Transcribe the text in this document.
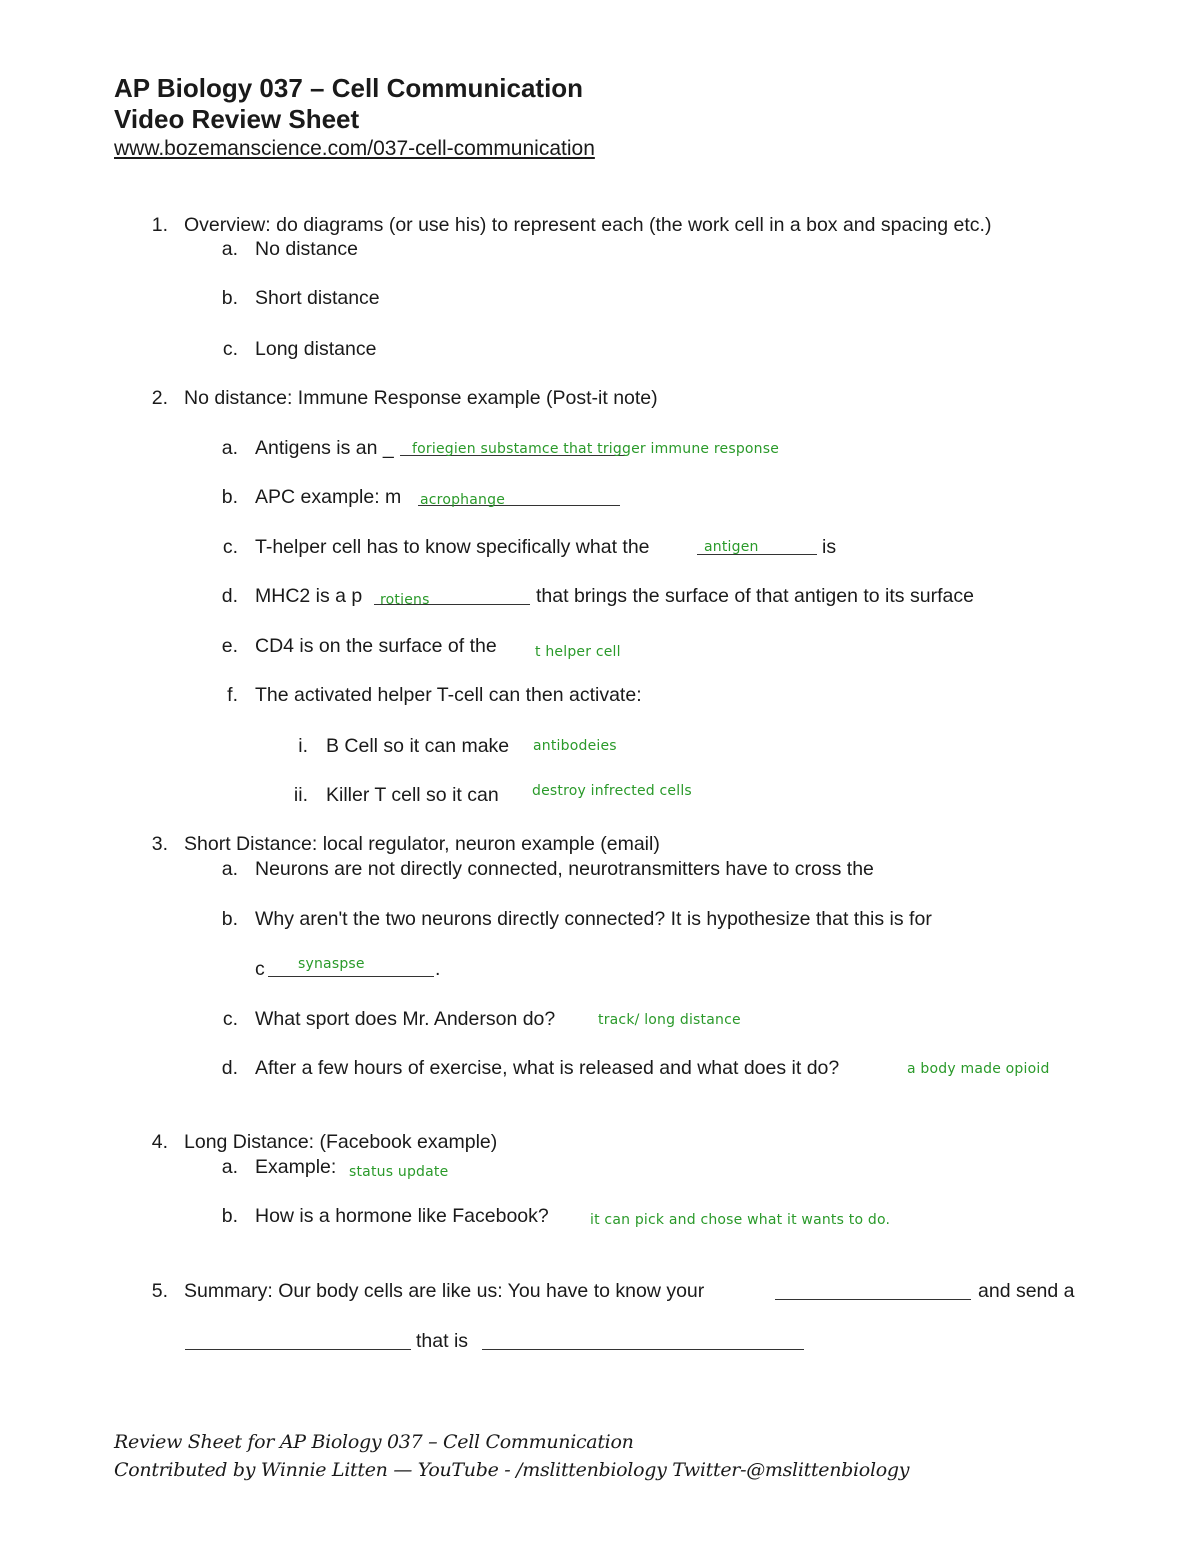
AP Biology 037 – Cell Communication
Video Review Sheet
www.bozemanscience.com/037-cell-communication
1. Overview: do diagrams (or use his) to represent each (the work cell in a box and spacing etc.)
a. No distance
b. Short distance
c. Long distance
2. No distance: Immune Response example (Post-it note)
a. Antigens is an _ foriegien substamce that trigger immune response
b. APC example: m acrophange
c. T-helper cell has to know specifically what the	antigen	is
d. MHC2 is a p rotiens	that brings the surface of that antigen to its surface
e. CD4 is on the surface of the	t helper cell
f. The activated helper T-cell can then activate:
i. B Cell so it can make antibodeies
ii. Killer T cell so it can destroy infrected cells
3. Short Distance: local regulator, neuron example (email)
a. Neurons are not directly connected, neurotransmitters have to cross the
b. Why aren't the two neurons directly connected? It is hypothesize that this is for
c synaspse	.
c. What sport does Mr. Anderson do?	track/ long distance
d. After a few hours of exercise, what is released and what does it do?	a body made opioid
4. Long Distance: (Facebook example)
a. Example: status update
b. How is a hormone like Facebook?	it can pick and chose what it wants to do.
5. Summary: Our body cells are like us: You have to know your	and send a
that is
Review Sheet for AP Biology 037 – Cell Communication
Contributed by Winnie Litten — YouTube - /mslittenbiology Twitter-@mslittenbiology
